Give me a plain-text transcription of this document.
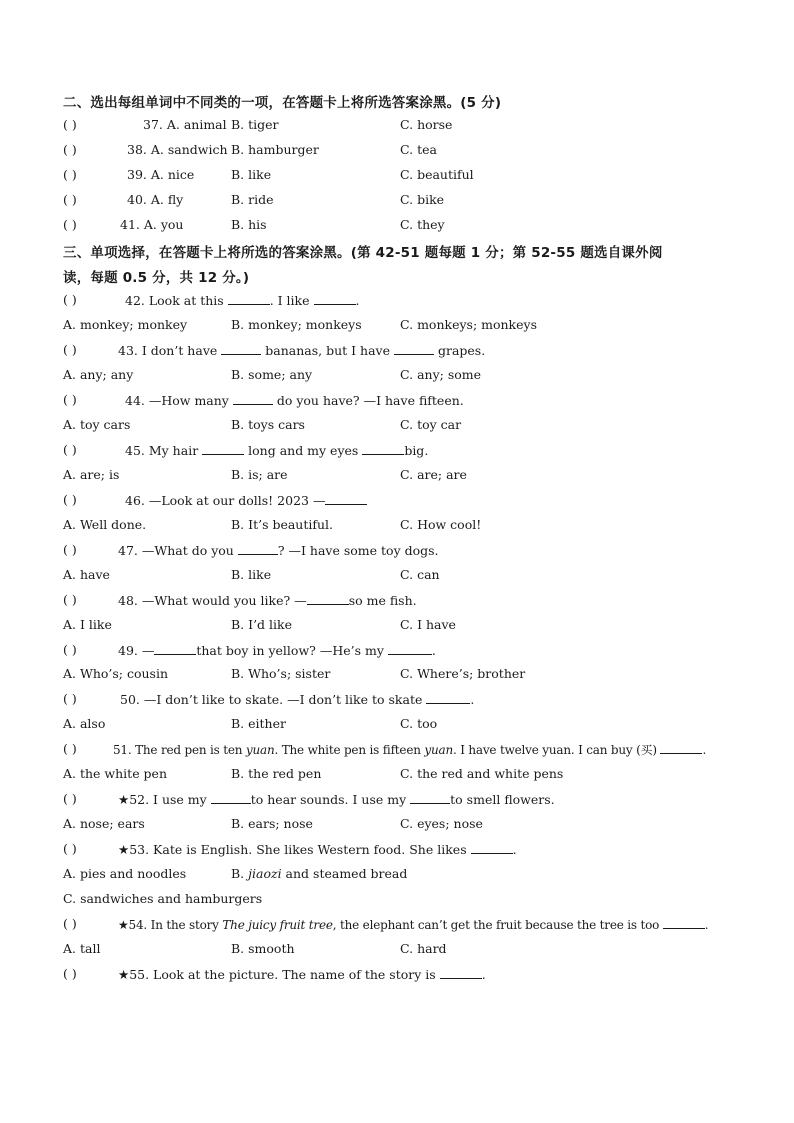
二、选出每组单词中不同类的一项，在答题卡上将所选答案涂黑。(5 分)
( )	37. A. animal B. tiger	C. horse
( )	38. A. sandwich B. hamburger	C. tea
( )	39. A. nice	B. like	C. beautiful
( )	40. A. fly	B. ride	C. bike
( )	41. A. you	B. his	C. they
三、单项选择，在答题卡上将所选的答案涂黑。(第 42-51 题每题 1 分；第 52-55 题选自课外阅
读，每题 0.5 分，共 12 分。)
( )	42. Look at this	. I like	.
A. monkey; monkey	B. monkey; monkeys	C. monkeys; monkeys
( )	43. I don’t have	bananas, but I have	grapes.
A. any; any	B. some; any	C. any; some
( )	44. —How many	do you have? —I have fifteen.
A. toy cars	B. toys cars	C. toy car
( )	45. My hair	long and my eyes	big.
A. are; is	B. is; are	C. are; are
( )	46. —Look at our dolls! 2023 —
A. Well done.	B. It’s beautiful.	C. How cool!
( )	47. —What do you	? —I have some toy dogs.
A. have	B. like	C. can
( )	48. —What would you like? —	so me fish.
A. I like	B. I’d like	C. I have
( )	49. —	that boy in yellow? —He’s my	.
A. Who’s; cousin	B. Who’s; sister	C. Where’s; brother
( )	50. —I don’t like to skate. —I don’t like to skate	.
A. also	B. either	C. too
( )	51. The red pen is ten yuan. The white pen is fifteen yuan. I have twelve yuan. I can buy (买)	.
A. the white pen	B. the red pen	C. the red and white pens
( )	★52. I use my	to hear sounds. I use my	to smell flowers.
A. nose; ears	B. ears; nose	C. eyes; nose
( )	★53. Kate is English. She likes Western food. She likes	.
A. pies and noodles	B. jiaozi and steamed bread
C. sandwiches and hamburgers
( )	★54. In the story The juicy fruit tree, the elephant can’t get the fruit because the tree is too	.
A. tall	B. smooth	C. hard
( )	★55. Look at the picture. The name of the story is	.
